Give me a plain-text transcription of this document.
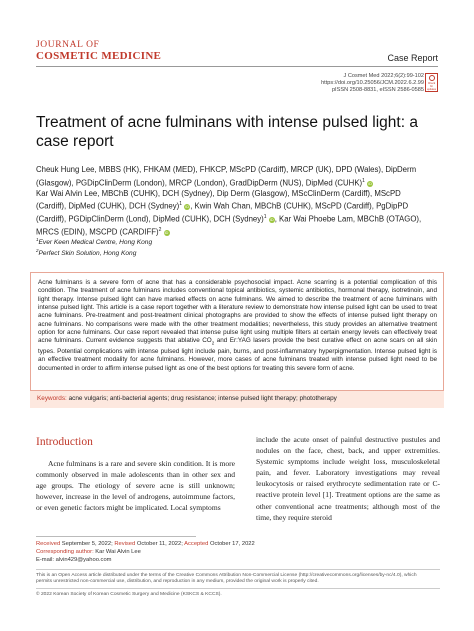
JOURNAL OF
COSMETIC MEDICINE	Case Report
J Cosmet Med 2022;6(2):99-102
https://doi.org/10.25056/JCM.2022.6.2.99
pISSN 2508-8831, eISSN 2586-0585
Check for updates
Treatment of acne fulminans with intense pulsed light: a case report
Cheuk Hung Lee, MBBS (HK), FHKAM (MED), FHKCP, MScPD (Cardiff), MRCP (UK), DPD (Wales), DipDerm
(Glasgow), PGDipClinDerm (London), MRCP (London), GradDipDerm (NUS), DipMed (CUHK)$^1$ iD
Kar Wai Alvin Lee, MBChB (CUHK), DCH (Sydney), Dip Derm (Glasgow), MScClinDerm (Cardiff), MScPD
(Cardiff), DipMed (CUHK), DCH (Sydney)$^1$ iD, Kwin Wah Chan, MBChB (CUHK), MScPD (Cardiff), PgDipPD
(Cardiff), PGDipClinDerm (Lond), DipMed (CUHK), DCH (Sydney)$^1$ iD, Kar Wai Phoebe Lam, MBChB (OTAGO),
MRCS (EDIN), MSCPD (CARDIFF)$^2$ iD
$^1$Ever Keen Medical Centre, Hong Kong
$^2$Perfect Skin Solution, Hong Kong
Acne fulminans is a severe form of acne that has a considerable psychosocial impact. Acne scarring is a potential complication of this condition. The treatment of acne fulminans includes conventional topical antibiotics, systemic antibiotics, hormonal therapy, isotretinoin, and light therapy. Intense pulsed light can have marked effects on acne fulminans. We aimed to describe the treatment of acne fulminans with intense pulsed light. This article is a case report together with a literature review to demonstrate how intense pulsed light can be used to treat acne fulminans. Pre-treatment and post-treatment clinical photographs are provided to show the effects of intense pulsed light therapy on acne fulminans. No comparisons were made with the other treatment modalities; nevertheless, this study provides an alternative treatment option for acne fulminans. Our case report revealed that intense pulse light using multiple filters at certain energy levels can effectively treat acne fulminans. Current evidence suggests that ablative $CO_2$ and Er:YAG lasers provide the best curative effect on acne scars on all skin types. Potential complications with intense pulsed light include pain, burns, and post-inflammatory hyperpigmentation. Intense pulsed light is an effective treatment modality for acne fulminans. However, more cases of acne fulminans treated with intense pulsed light need to be documented in order to affirm intense pulsed light as one of the best options for treating this severe form of acne.
Keywords: acne vulgaris; anti-bacterial agents; drug resistance; intense pulsed light therapy; phototherapy
Introduction
Acne fulminans is a rare and severe skin condition. It is more commonly observed in male adolescents than in other sex and age groups. The etiology of severe acne is still unknown; however, increase in the level of androgens, autoimmune factors, or even genetic factors might be implicated. Local symptoms
include the acute onset of painful destructive pustules and nodules on the face, chest, back, and upper extremities. Systemic symptoms include weight loss, musculoskeletal pain, and fever. Laboratory investigations may reveal leukocytosis or raised erythrocyte sedimentation rate or C-reactive protein level [1]. Treatment options are the same as other conventional acne treatments; although most of the time, they require steroid
Received September 5, 2022; Revised October 11, 2022; Accepted October 17, 2022
Corresponding author: Kar Wai Alvin Lee
E-mail: alvin429@yahoo.com
This is an Open Access article distributed under the terms of the Creative Commons Attribution Non-Commercial License (http://creativecommons.org/licenses/by-nc/4.0), which
permits unrestricted non-commercial use, distribution, and reproduction in any medium, provided the original work is properly cited.
© 2022 Korean Society of Korean Cosmetic Surgery and Medicine (KSKCS & KCCS).
